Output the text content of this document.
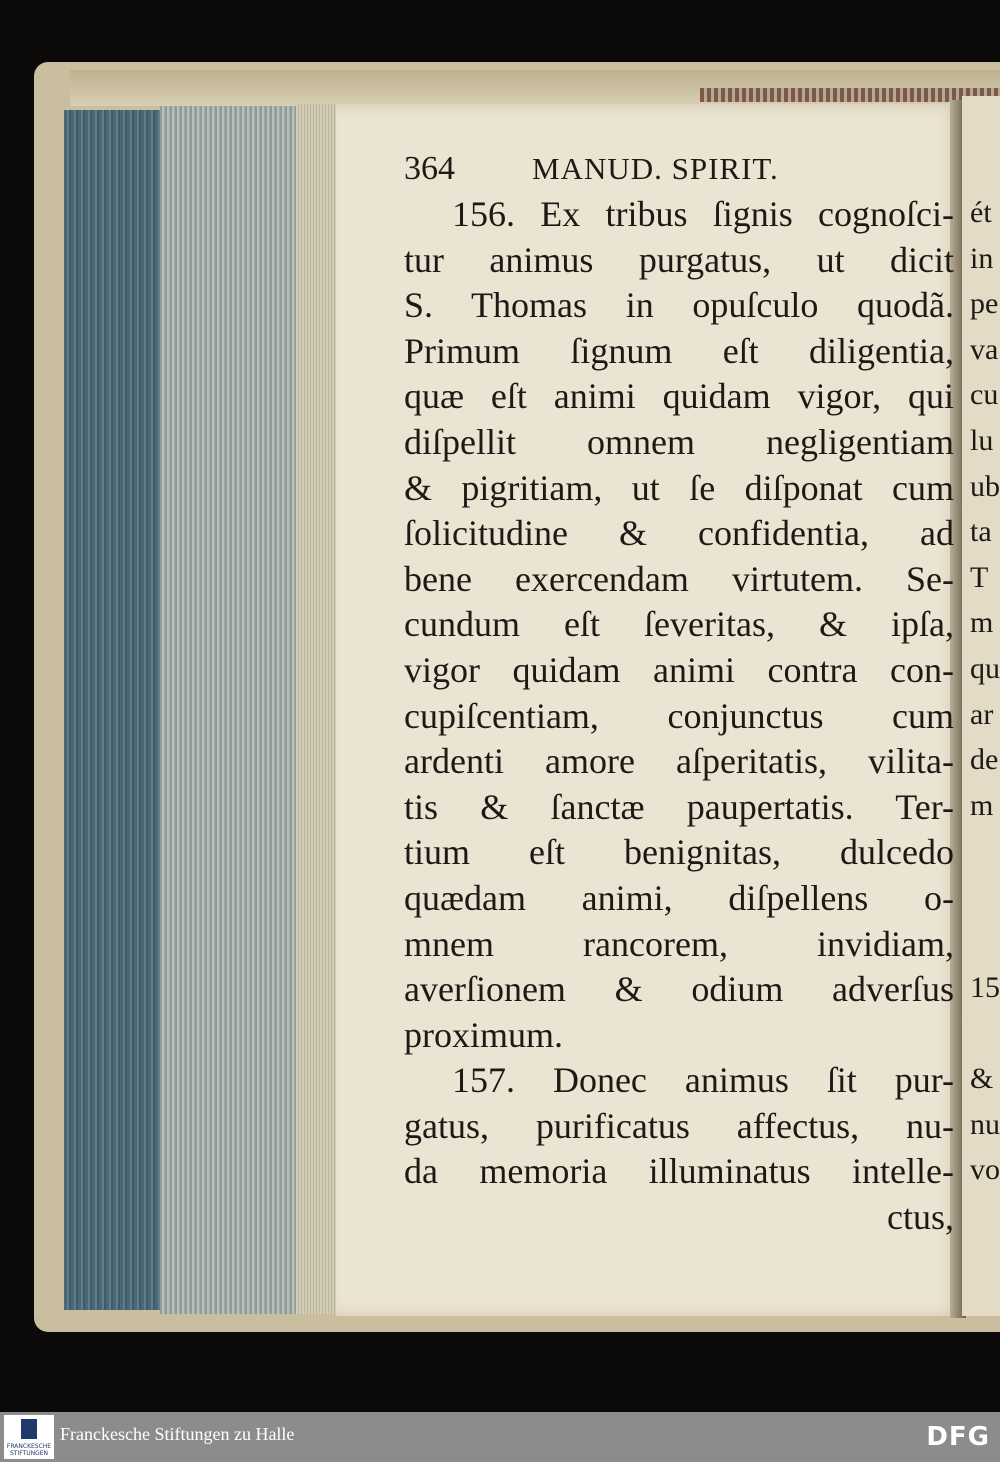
364 MANUD. SPIRIT.
156. Ex tribus ſignis cognoſci-
tur animus purgatus, ut dicit
S. Thomas in opuſculo quodã.
Primum ſignum eſt diligentia,
quæ eſt animi quidam vigor, qui
diſpellit omnem negligentiam
& pigritiam, ut ſe diſponat cum
ſolicitudine & confidentia, ad
bene exercendam virtutem. Se-
cundum eſt ſeveritas, & ipſa,
vigor quidam animi contra con-
cupiſcentiam, conjunctus cum
ardenti amore aſperitatis, vilita-
tis & ſanctæ paupertatis. Ter-
tium eſt benignitas, dulcedo
quædam animi, diſpellens o-
mnem rancorem, invidiam,
averſionem & odium adverſus
proximum.
157. Donec animus ſit pur-
gatus, purificatus affectus, nu-
da memoria illuminatus intelle-
ctus,
ét
in
pe
va
cu
lu
ub
ta
T
m
qu
ar
de
m
15
&
nu
vo
FRANCKESCHE STIFTUNGEN
Franckesche Stiftungen zu Halle	DFG
